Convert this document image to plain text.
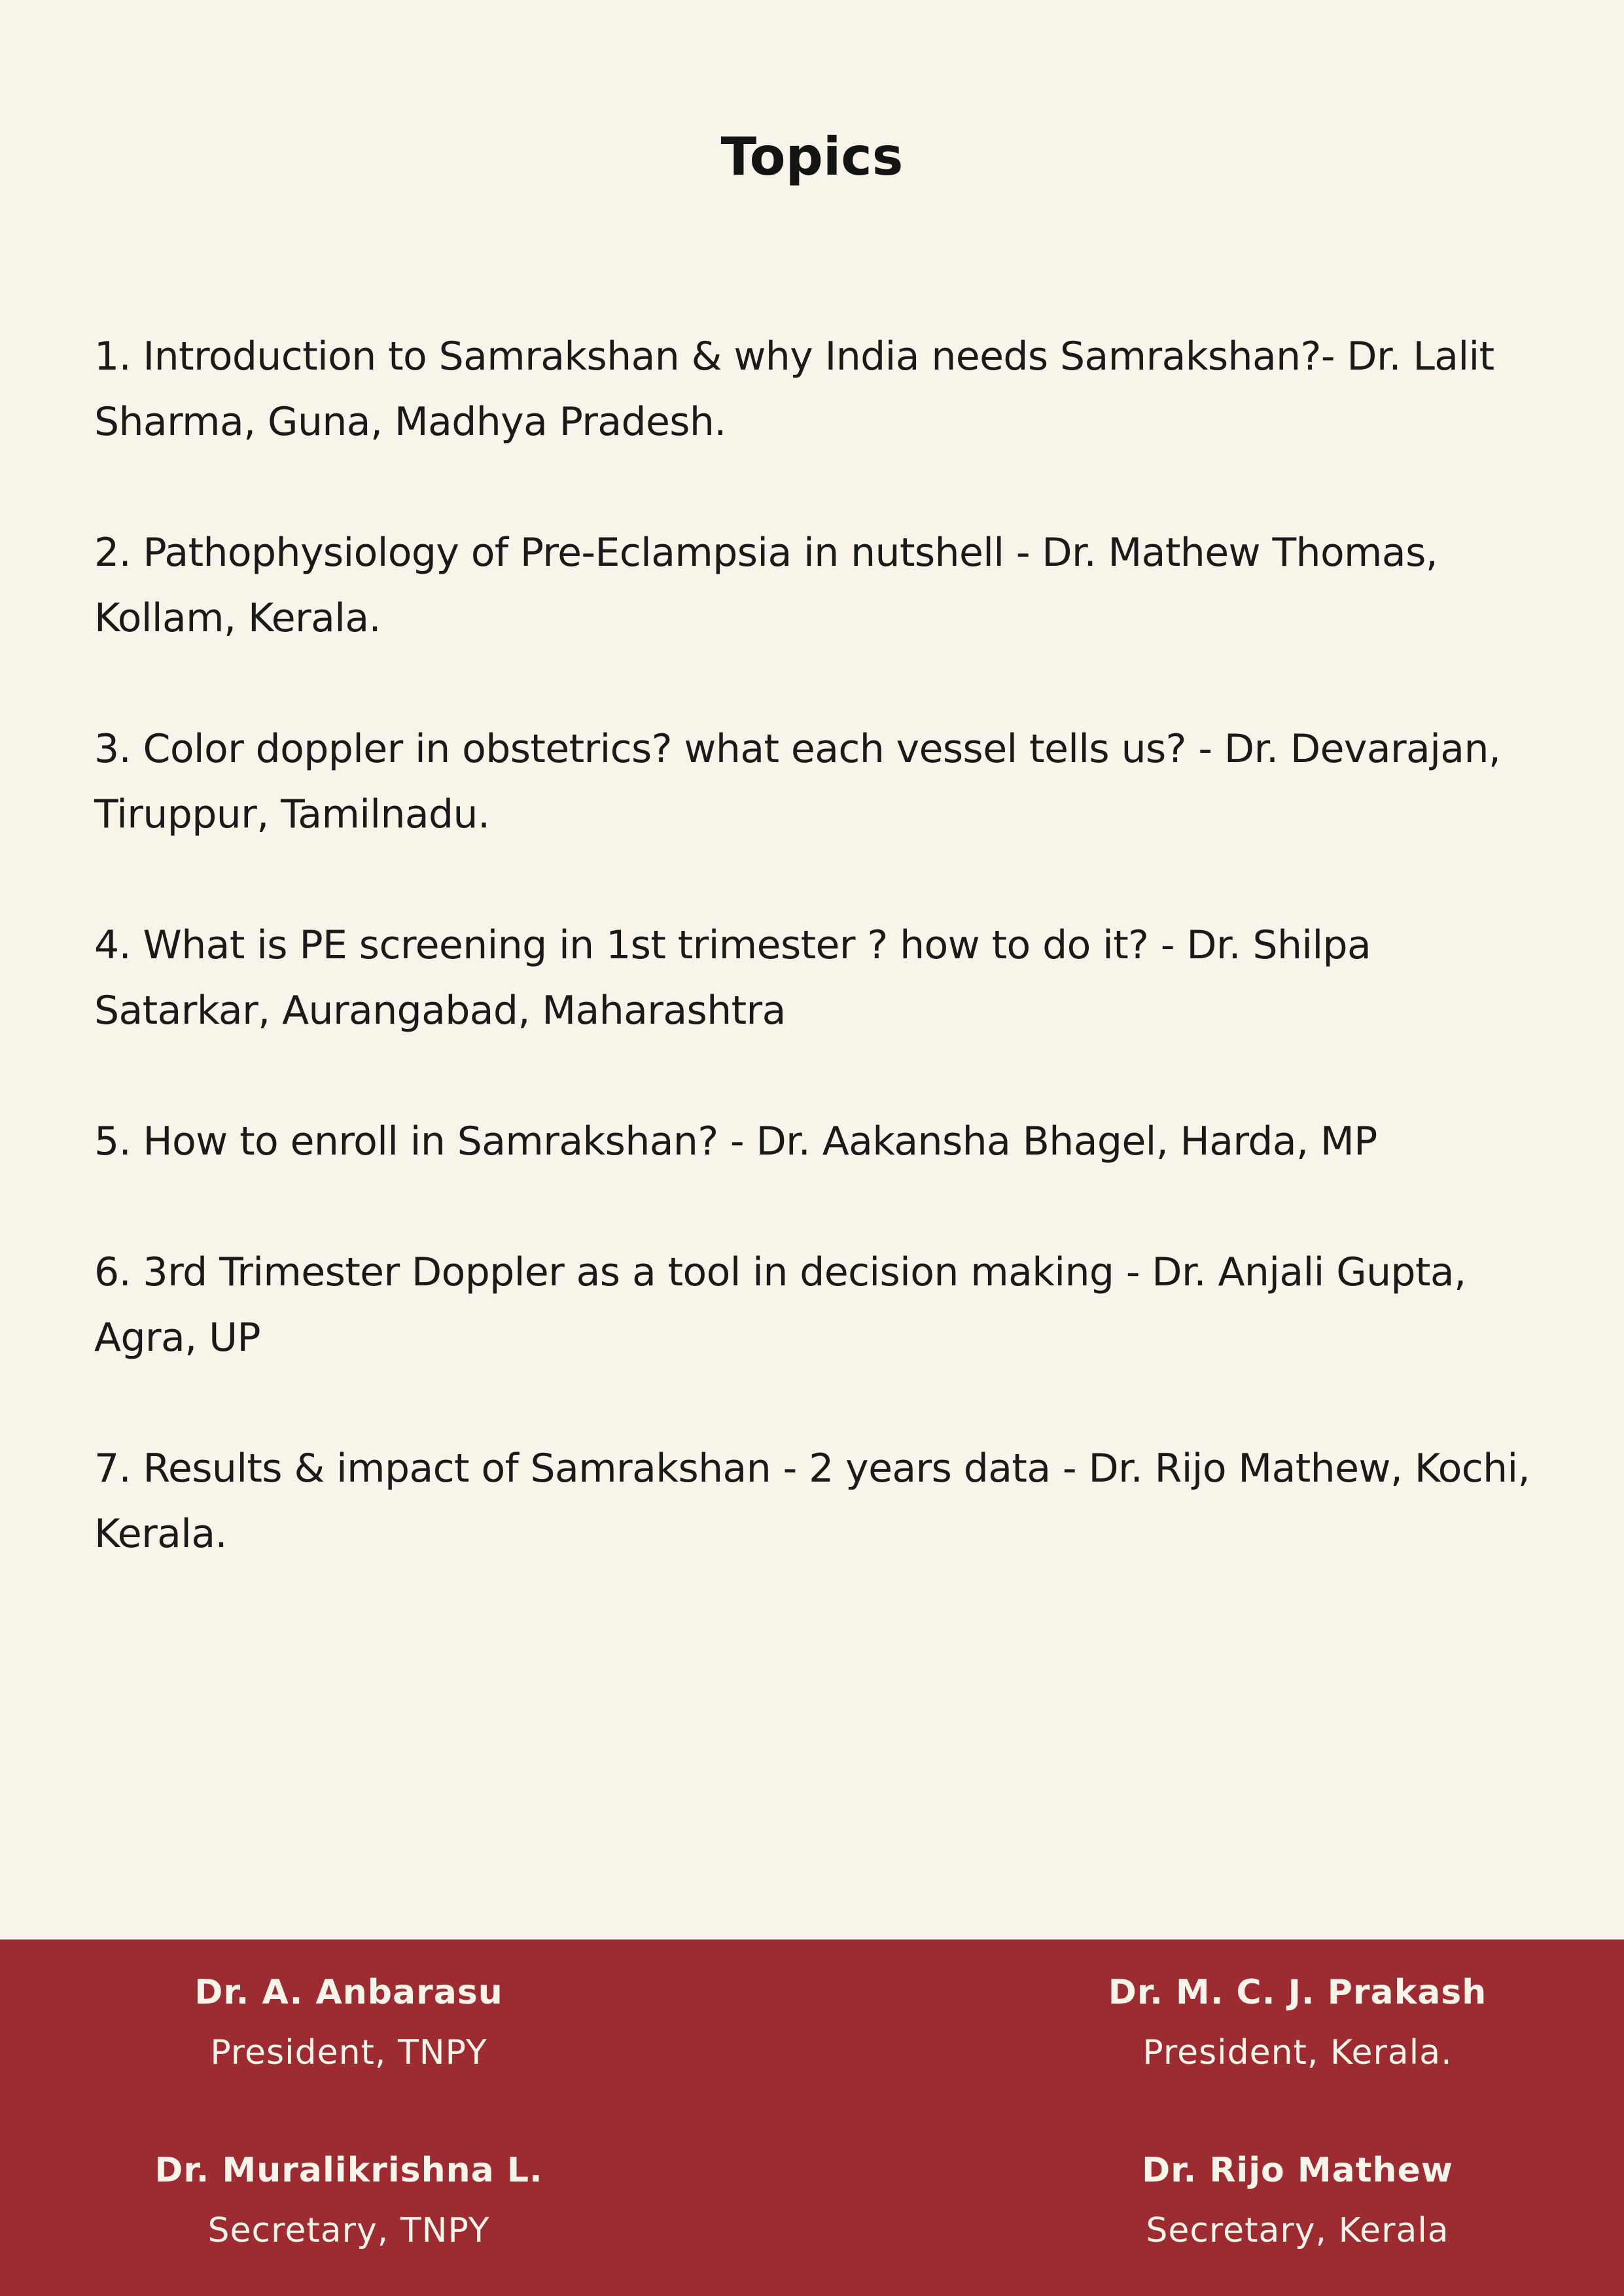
Topics
1. Introduction to Samrakshan & why India needs Samrakshan?- Dr. Lalit Sharma, Guna, Madhya Pradesh.
2. Pathophysiology of Pre-Eclampsia in nutshell - Dr. Mathew Thomas, Kollam, Kerala.
3. Color doppler in obstetrics? what each vessel tells us? - Dr. Devarajan, Tiruppur, Tamilnadu.
4. What is PE screening in 1st trimester ? how to do it? - Dr. Shilpa Satarkar, Aurangabad, Maharashtra
5. How to enroll in Samrakshan? - Dr. Aakansha Bhagel, Harda, MP
6. 3rd Trimester Doppler as a tool in decision making - Dr. Anjali Gupta, Agra, UP
7. Results & impact of Samrakshan - 2 years data - Dr. Rijo Mathew, Kochi, Kerala.
Dr. A. Anbarasu
President, TNPY
Dr. M. C. J. Prakash
President, Kerala.
Dr. Muralikrishna L.
Secretary, TNPY
Dr. Rijo Mathew
Secretary, Kerala
